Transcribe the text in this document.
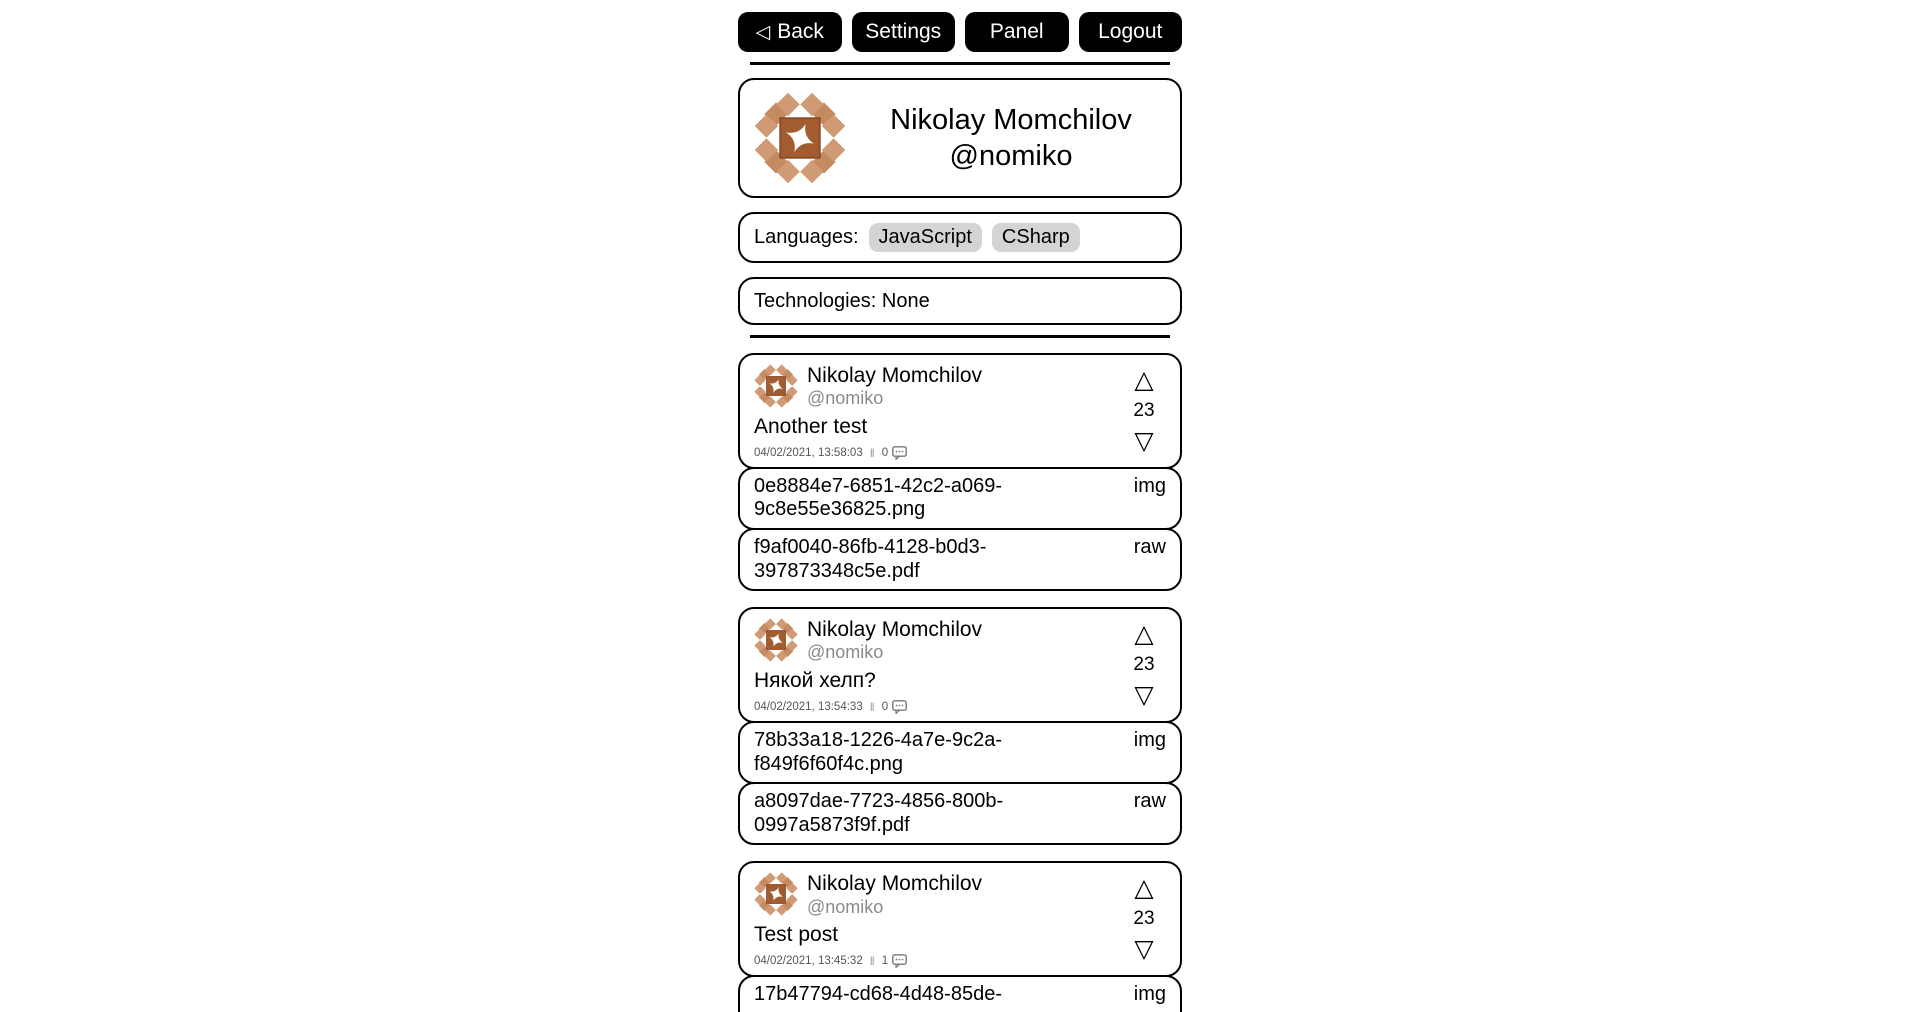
◁ Back	Settings	Panel	Logout
Nikolay Momchilov
@nomiko
Languages:	JavaScript	CSharp
Technologies:
None
Nikolay Momchilov
@nomiko
Another test
04/02/2021, 13:58:03 ‖ 0
△
23
▽
0e8884e7-6851-42c2-a069-9c8e55e36825.png
img
f9af0040-86fb-4128-b0d3-397873348c5e.pdf
raw
Nikolay Momchilov
@nomiko
Някой хелп?
04/02/2021, 13:54:33 ‖ 0
△
23
▽
78b33a18-1226-4a7e-9c2a-f849f6f60f4c.png
img
a8097dae-7723-4856-800b-0997a5873f9f.pdf
raw
Nikolay Momchilov
@nomiko
Test post
04/02/2021, 13:45:32 ‖ 1
△
23
▽
17b47794-cd68-4d48-85de-	img
